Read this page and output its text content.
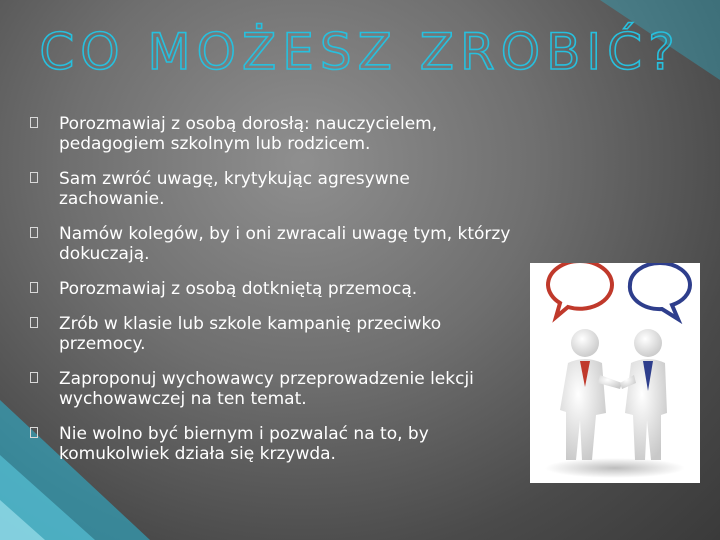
CO MOŻESZ ZROBIĆ?
Porozmawiaj z osobą dorosłą: nauczycielem, pedagogiem szkolnym lub rodzicem.
Sam zwróć uwagę, krytykując agresywne zachowanie.
Namów kolegów, by i oni zwracali uwagę tym, którzy dokuczają.
Porozmawiaj z osobą dotkniętą przemocą.
Zrób w klasie lub szkole kampanię przeciwko przemocy.
Zaproponuj wychowawcy przeprowadzenie lekcji wychowawczej na ten temat.
Nie wolno być biernym i pozwalać na to, by komukolwiek działa się krzywda.
